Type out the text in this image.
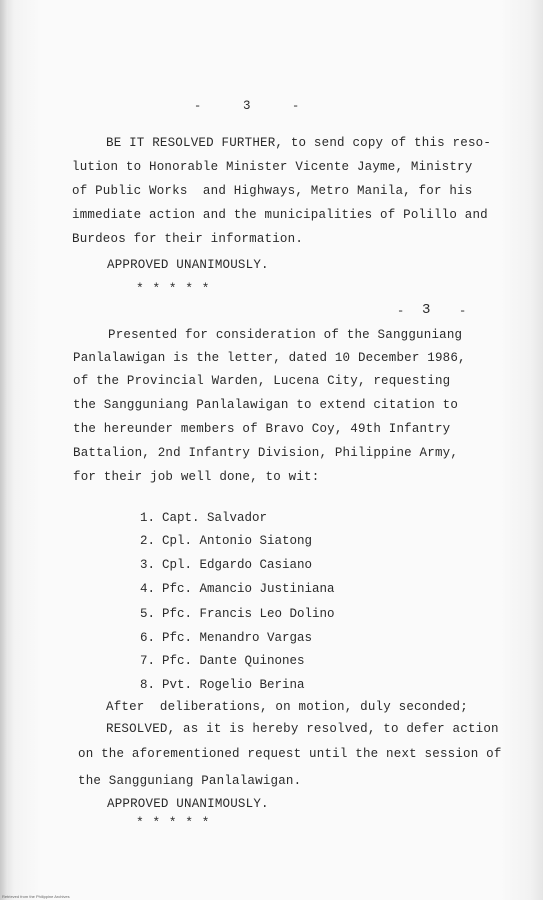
-	3	-
BE IT RESOLVED FURTHER, to send copy of this reso-
lution to Honorable Minister Vicente Jayme, Ministry
of Public Works  and Highways, Metro Manila, for his
immediate action and the municipalities of Polillo and
Burdeos for their information.
APPROVED UNANIMOUSLY.
* * * * *
- 3 -
Presented for consideration of the Sangguniang
Panlalawigan is the letter, dated 10 December 1986,
of the Provincial Warden, Lucena City, requesting
the Sangguniang Panlalawigan to extend citation to
the hereunder members of Bravo Coy, 49th Infantry
Battalion, 2nd Infantry Division, Philippine Army,
for their job well done, to wit:

1. Capt. Salvador

2. Cpl. Antonio Siatong

3. Cpl. Edgardo Casiano

4. Pfc. Amancio Justiniana

5. Pfc. Francis Leo Dolino

6. Pfc. Menandro Vargas

7. Pfc. Dante Quinones

8. Pvt. Rogelio Berina

After  deliberations, on motion, duly seconded;
RESOLVED, as it is hereby resolved, to defer action
on the aforementioned request until the next session of
the Sangguniang Panlalawigan.
APPROVED UNANIMOUSLY.
* * * * *
Retrieved from the Philippine Archives
